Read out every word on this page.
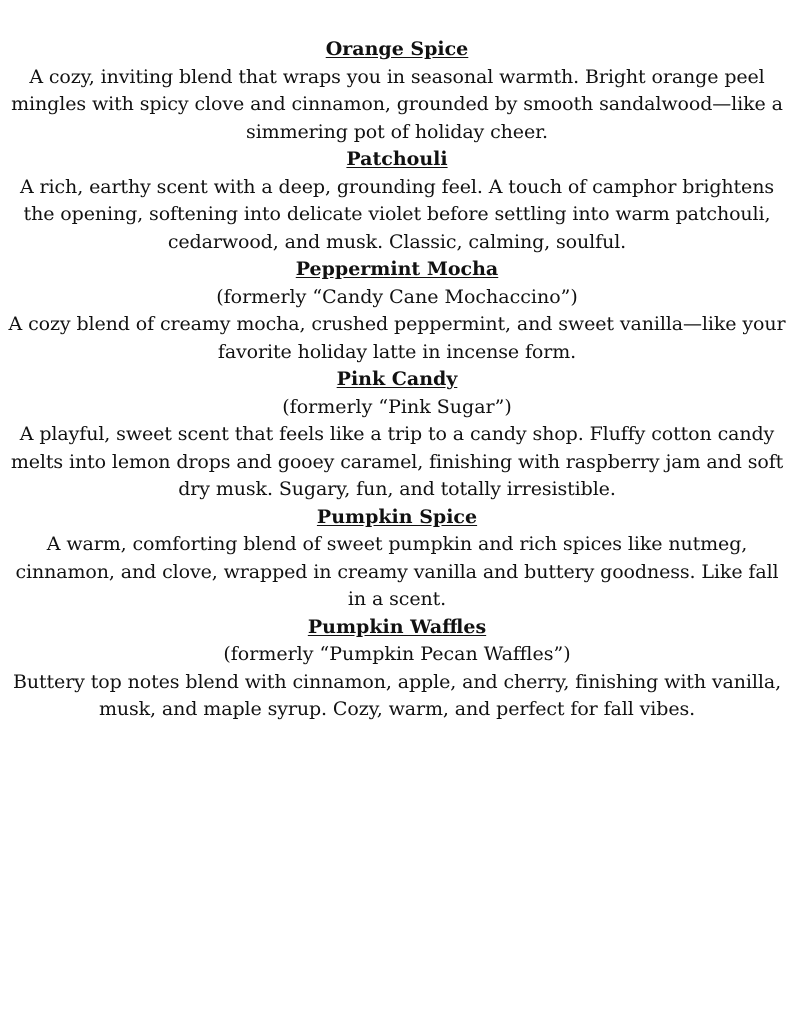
Orange Spice

A cozy, inviting blend that wraps you in seasonal warmth. Bright orange peel mingles with spicy clove and cinnamon, grounded by smooth sandalwood—like a simmering pot of holiday cheer.

Patchouli

A rich, earthy scent with a deep, grounding feel. A touch of camphor brightens the opening, softening into delicate violet before settling into warm patchouli, cedarwood, and musk. Classic, calming, soulful.

Peppermint Mocha

(formerly “Candy Cane Mochaccino”)

A cozy blend of creamy mocha, crushed peppermint, and sweet vanilla—like your favorite holiday latte in incense form.

Pink Candy

(formerly “Pink Sugar”)

A playful, sweet scent that feels like a trip to a candy shop. Fluffy cotton candy melts into lemon drops and gooey caramel, finishing with raspberry jam and soft dry musk. Sugary, fun, and totally irresistible.

Pumpkin Spice

A warm, comforting blend of sweet pumpkin and rich spices like nutmeg, cinnamon, and clove, wrapped in creamy vanilla and buttery goodness. Like fall in a scent.

Pumpkin Waffles

(formerly “Pumpkin Pecan Waffles”)

Buttery top notes blend with cinnamon, apple, and cherry, finishing with vanilla, musk, and maple syrup. Cozy, warm, and perfect for fall vibes.
